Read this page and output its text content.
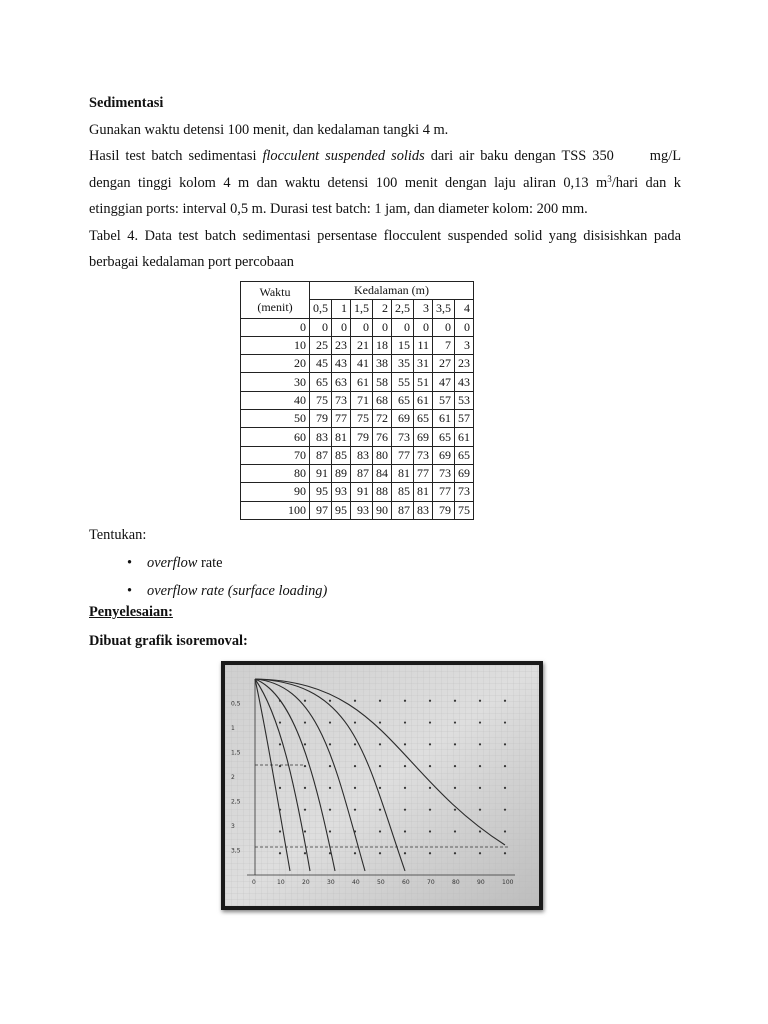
Sedimentasi
Gunakan waktu detensi 100 menit, dan kedalaman tangki 4 m.
Hasil test batch sedimentasi flocculent suspended solids dari air baku dengan TSS 350      mg/L
dengan tinggi kolom 4 m dan waktu detensi 100 menit dengan laju aliran 0,13 $m^3$/hari dan k
etinggian ports: interval 0,5 m. Durasi test batch: 1 jam, dan diameter kolom: 200 mm.
Tabel 4. Data test batch sedimentasi persentase flocculent suspended solid yang disisishkan pada
berbagai kedalaman port percobaan
Waktu
(menit)	Kedalaman (m)							
	0,5	1	1,5	2	2,5	3	3,5	4
0	0	0	0	0	0	0	0	0
10	25	23	21	18	15	11	7	3
20	45	43	41	38	35	31	27	23
30	65	63	61	58	55	51	47	43
40	75	73	71	68	65	61	57	53
50	79	77	75	72	69	65	61	57
60	83	81	79	76	73	69	65	61
70	87	85	83	80	77	73	69	65
80	91	89	87	84	81	77	73	69
90	95	93	91	88	85	81	77	73
100	97	95	93	90	87	83	79	75
Tentukan:
• overflow rate
• overflow rate (surface loading)
Penyelesaian:
Dibuat grafik isoremoval:
0	10	20	30	40	50	60	70	80	90	100
0,5
1
1,5
2
2,5
3
3,5
